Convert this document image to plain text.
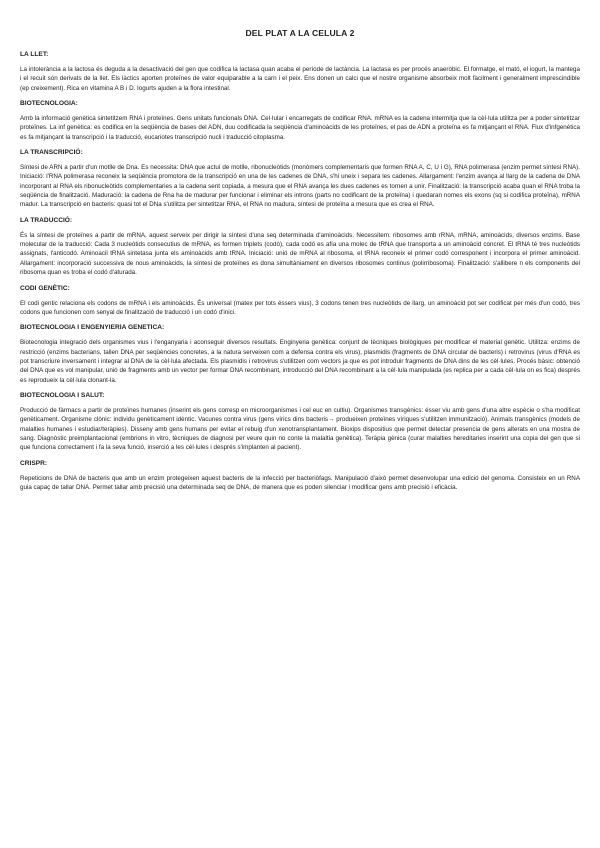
DEL PLAT A LA CELULA 2
LA LLET:
La intolerància a la lactosa és deguda a la desactivació del gen que codifica la lactasa quan acaba el període de lactància. La lactasa es per procés anaeròbic. El formatge, el mató, el iogurt, la mantega i el recuit són derivats de la llet. Els làctics aporten proteïnes de valor equiparable a la carn i el peix. Ens donen un calci que el nostre organisme absorbeix molt fàcilment i generalment imprescindible (ep creixement). Rica en vitamina A B i D. Iogurts ajuden a la flora intestinal.
BIOTECNOLOGIA:
Amb la informació genètica sintetitzem RNA i proteïnes. Gens unitats funcionals DNA. Cel·lular i encarregats de codificar RNA. mRNA es la cadena intermitja que la cèl·lula utilitza per a poder sintetitzar proteïnes. La inf genètica: es codifica en la seqüència de bases del ADN, duu codificada la seqüència d'aminoàcids de les proteïnes, el pas de ADN a proteïna es fa mitjançant el RNA. Flux d'infgenètica es fa mitjançant la transcripció i la traducció, eucariotes transcripció nucli i traducció citoplasma.
LA TRANSCRIPCIÓ:
Síntesi de ARN a partir d'un motlle de Dna. Es necessita: DNA que actuí de motlle, ribonucleòtids (monòmers complementaris que formen RNA A, C, U i G), RNA polimerasa (enzim permet síntesi RNA). Iniciació: l'RNA polimerasa reconeix la seqüència promotora de la transcripció en una de les cadenes de DNA, s'hi uneix i separa les cadenes. Allargament: l'enzim avança al llarg de la cadena de DNA incorporant al RNA els ribonucleòtids complementaries a la cadena sent copiada, a mesura que el RNA avança les dues cadenes es tornen a unir. Finalització: la transcripció acaba quan el RNA troba la seqüència de finalització. Maduració: la cadena de Rna ha de madurar per funcionar i eliminar els introns (parts no codificant de la proteïna) i quedaran nomes els exons (sq si codifica proteïna), mRNA madur. La transcripció en bacteris: quasi tot el DNa s'utilitza per sintetitzar RNA, el RNA no madura, síntesi de proteïna a mesura que es crea el RNA.
LA TRADUCCIÓ:
És la síntesi de proteïnes a partir de mRNA, aquest serveix per dirigir la síntesi d'una seq determinada d'aminoàcids. Necessitem: ribosomes amb rRNA, mRNA, aminoàcids, diversos enzims. Base molecular de la traducció: Cada 3 nucleòtids consecutius de mRNA, es formen triplets (codó), cada codó es afía una molec de tRNA que transporta a un aminoàcid concret. El tRNA té tres nucleòtids assignats, l'anticodó. Aminoacil tRNA sintetasa junta els aminoàcids amb tRNA. Iniciació: unió de mRNA al ribosoma, el tRNA reconeix el primer codó corresponent i incorpora el primer aminoàcid. Allargament: incorporació successiva de nous aminoàcids, la síntesi de proteïnes es dona simultàniament en diversos ribosomes continus (polirribosoma). Finalització: s'allibere n els components del ribosoma quan es troba el codó d'aturada.
CODI GENÈTIC:
El codi gentic relaciona els codons de mRNA i els aminoàcids. És universal (matex per tots éssers vius), 3 codons tenen tres nucleòtids de llarg, un aminoàcid pot ser codificat per més d'un codó, tres codons que funcionen com senyal de finalització de traducció i un codó d'inici.
BIOTECNOLOGIA I ENGENYIERIA GENETICA:
Biotecnologia integració dels organismes vius i l'enganyaria i aconseguir diversos resultats. Enginyeria genètica: conjunt de tècniques biològiques per modificar el material genètic. Utilitza: enzims de restricció (enzims bacterians, tallen DNA per seqüències concretes, a la natura serveixen com a defensa contra els virus), plasmidis (fragments de DNA circular de bacteris) i retrovirus (virus d'RNA es pot transcriure inversament i integrar al DNA de la cèl·lula afectada. Els plasmidis i retrovirus s'utilitzen com vectors ja que es pot introduir fragments de DNA dins de les cèl·lules. Procés bàsic: obtenció del DNA que es vol manipular, unió de fragments amb un vector per formar DNA recombinant, introducció del DNA recombinant a la cèl·lula manipulada (es replica per a cada cèl·lula on es fica) després es reprodueix la cèl·lula clonant-la.
BIOTECNOLOGIA I SALUT:
Producció de fàrmacs a partir de proteïnes humanes (inserint els gens corresp en microorganismes i cel euc en cultiu). Organismes transgènics: ésser viu amb gens d'una altre espècie o s'ha modificat genèticament. Organisme clònic: individu genèticament idèntic. Vacunes contra virus (gens vírics dins bacteris→ produeixen proteïnes víriques s'utilitzen immunització). Animals transgènics (models de malalties humanes i estudiar/teràpies). Disseny amb gens humans per evitar el rebuig d'un xenotransplantament. Bioxips dispositius que permet detectar presencia de gens alterats en una mostra de sang. Diagnòstic preimplantacional (embrions in vitro, tècniques de diagnosi per veure quin no conte la malaltia genètica). Teràpia gènica (curar malalties hereditaries inserint una copia del gen que si que funciona correctament i fa la seva funció, inserció a les cèl·lules i després s'implanten al pacient).
CRISPR:
Repeticions de DNA de bacteris que amb un enzim protegeixen aquest bacteris de la infecció per bacteriòfags. Manipulació d'això permet desenvolupar una edició del genoma. Consisteix en un RNA guia capaç de tallar DNA. Permet tallar amb precisió una determinada seq de DNA, de manera que es poden silenciar i modificar gens amb precisió i eficàcia.
